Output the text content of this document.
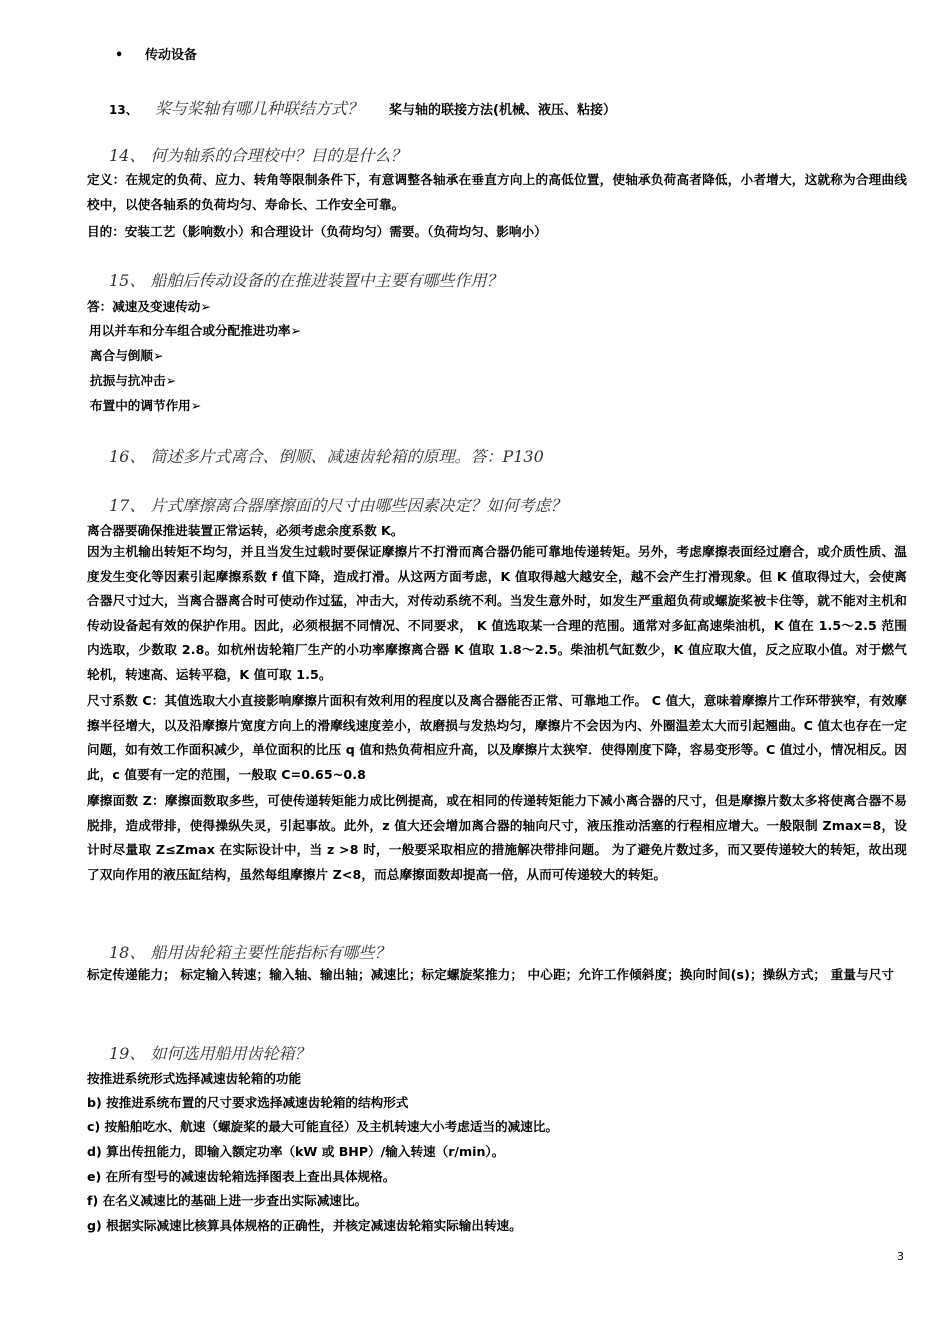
• 传动设备
13、 桨与桨轴有哪几种联结方式？ 桨与轴的联接方法(机械、液压、粘接）
14、 何为轴系的合理校中？目的是什么？
定义：在规定的负荷、应力、转角等限制条件下，有意调整各轴承在垂直方向上的高低位置，使轴承负荷高者降低，小者增大，这就称为合理曲线校中，以使各轴系的负荷均匀、寿命长、工作安全可靠。
目的：安装工艺（影响数小）和合理设计（负荷均匀）需要。（负荷均匀、影响小）
15、 船舶后传动设备的在推进装置中主要有哪些作用？
答：减速及变速传动➢
用以并车和分车组合或分配推进功率➢
离合与倒顺➢
抗振与抗冲击➢
布置中的调节作用➢
16、 简述多片式离合、倒顺、减速齿轮箱的原理。答：P130
17、 片式摩擦离合器摩擦面的尺寸由哪些因素决定？如何考虑？
离合器要确保推进装置正常运转，必须考虑余度系数 K。
因为主机输出转矩不均匀，并且当发生过载时要保证摩擦片不打滑而离合器仍能可靠地传递转矩。另外，考虑摩擦表面经过磨合，或介质性质、温度发生变化等因素引起摩擦系数 f 值下降，造成打滑。从这两方面考虑，K 值取得越大越安全，越不会产生打滑现象。但 K 值取得过大，会使离合器尺寸过大，当离合器离合时可使动作过猛，冲击大，对传动系统不利。当发生意外时，如发生严重超负荷或螺旋桨被卡住等，就不能对主机和传动设备起有效的保护作用。因此，必须根据不同情况、不同要求， K 值选取某一合理的范围。通常对多缸高速柴油机，K 值在 1.5～2.5 范围内选取，少数取 2.8。如杭州齿轮箱厂生产的小功率摩擦离合器 K 值取 1.8～2.5。柴油机气缸数少，K 值应取大值，反之应取小值。对于燃气轮机，转速高、运转平稳，K 值可取 1.5。
尺寸系数 C：其值选取大小直接影响摩擦片面积有效利用的程度以及离合器能否正常、可靠地工作。 C 值大，意味着摩擦片工作环带狭窄，有效摩擦半径增大，以及沿摩擦片宽度方向上的滑摩线速度差小，故磨损与发热均匀，摩擦片不会因为内、外圈温差太大而引起翘曲。C 值太也存在一定问题，如有效工作面积减少，单位面积的比压 q 值和热负荷相应升高，以及摩擦片太狭窄．使得刚度下降，容易变形等。C 值过小，情况相反。因此，c 值要有一定的范围，一般取 C=0.65~0.8
摩擦面数 Z：摩擦面数取多些，可使传递转矩能力成比例提高，或在相同的传递转矩能力下减小离合器的尺寸，但是摩擦片数太多将使离合器不易脱排，造成带排，使得操纵失灵，引起事故。此外，z 值大还会增加离合器的轴向尺寸，液压推动活塞的行程相应增大。一般限制 Zmax=8，设计时尽量取 Z≤Zmax 在实际设计中，当 z >8 时，一般要采取相应的措施解决带排问题。 为了避免片数过多，而又要传递较大的转矩，故出现了双向作用的液压缸结构，虽然每组摩擦片 Z<8，而总摩擦面数却提高一倍，从而可传递较大的转矩。
18、 船用齿轮箱主要性能指标有哪些？
标定传递能力； 标定输入转速；输入轴、输出轴；减速比；标定螺旋桨推力； 中心距；允许工作倾斜度；换向时间(s)；操纵方式； 重量与尺寸
19、 如何选用船用齿轮箱？
按推进系统形式选择减速齿轮箱的功能
b) 按推进系统布置的尺寸要求选择减速齿轮箱的结构形式
c) 按船舶吃水、航速（螺旋桨的最大可能直径）及主机转速大小考虑适当的减速比。
d) 算出传扭能力，即输入额定功率（kW 或 BHP）/输入转速（r/min）。
e) 在所有型号的减速齿轮箱选择图表上查出具体规格。
f) 在名义减速比的基础上进一步查出实际减速比。
g) 根据实际减速比核算具体规格的正确性，并核定减速齿轮箱实际输出转速。
3
